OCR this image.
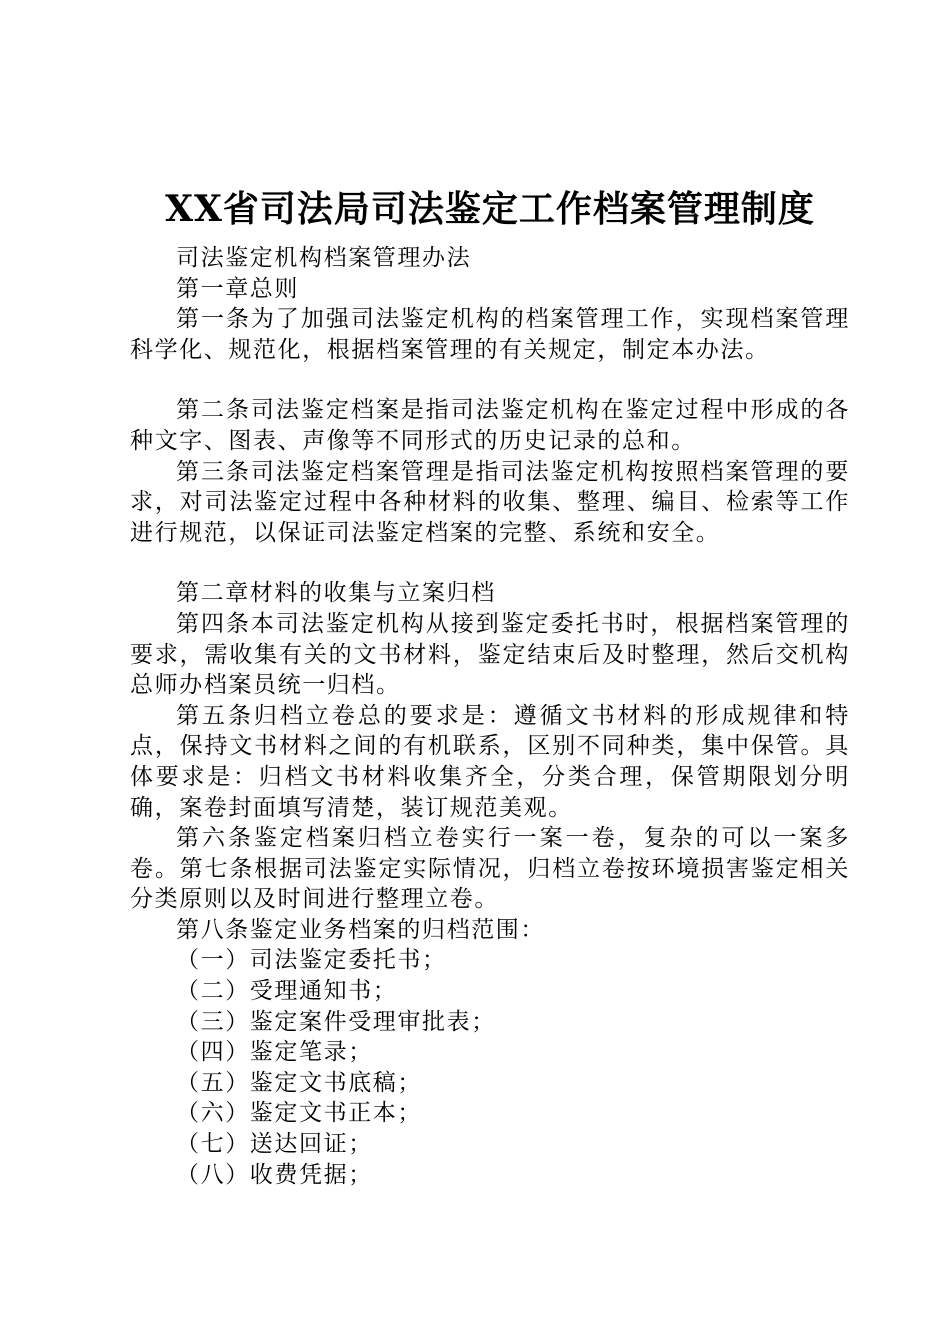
XX省司法局司法鉴定工作档案管理制度

司法鉴定机构档案管理办法

第一章总则

第一条为了加强司法鉴定机构的档案管理工作，实现档案管理科学化、规范化，根据档案管理的有关规定，制定本办法。

第二条司法鉴定档案是指司法鉴定机构在鉴定过程中形成的各种文字、图表、声像等不同形式的历史记录的总和。

第三条司法鉴定档案管理是指司法鉴定机构按照档案管理的要求，对司法鉴定过程中各种材料的收集、整理、编目、检索等工作进行规范，以保证司法鉴定档案的完整、系统和安全。

第二章材料的收集与立案归档

第四条本司法鉴定机构从接到鉴定委托书时，根据档案管理的要求，需收集有关的文书材料，鉴定结束后及时整理，然后交机构总师办档案员统一归档。

第五条归档立卷总的要求是：遵循文书材料的形成规律和特点，保持文书材料之间的有机联系，区别不同种类，集中保管。具体要求是：归档文书材料收集齐全，分类合理，保管期限划分明确，案卷封面填写清楚，装订规范美观。

第六条鉴定档案归档立卷实行一案一卷，复杂的可以一案多卷。第七条根据司法鉴定实际情况，归档立卷按环境损害鉴定相关分类原则以及时间进行整理立卷。

第八条鉴定业务档案的归档范围：

（一）司法鉴定委托书；

（二）受理通知书；

（三）鉴定案件受理审批表；

（四）鉴定笔录；

（五）鉴定文书底稿；

（六）鉴定文书正本；

（七）送达回证；

（八）收费凭据；
